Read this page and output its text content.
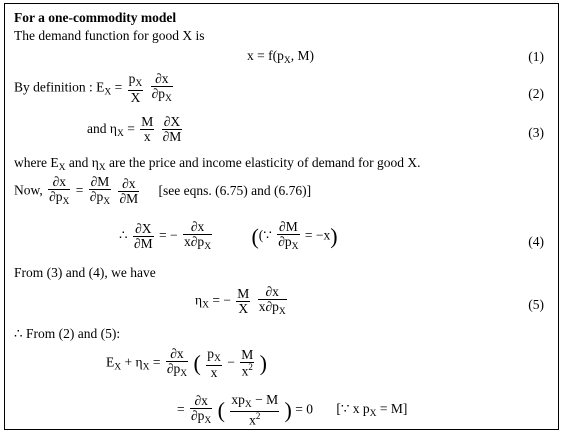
For a one-commodity model
The demand function for good X is
$x = f(p_X$, M)	(1)
By definition : $E_X = \frac{p_X}{X}$
$\frac{\partial x}{\partial p_X}$	(2)
and $\eta_X = \frac{M}{x}$
$\frac{\partial X}{\partial M}$	(3)
where $E_X$ and $\eta_X$ are the price and income elasticity of demand for good X.
Now, $\frac{\partial x}{\partial p_X} = \frac{\partial M}{\partial p_X}$
$\frac{\partial x}{\partial M} [see$ eqns. (6.75) and (6.76)]
∴ $\frac{\partial X}{\partial M}$ = − $\frac{\partial x}{x\partial p_X}$ ((∵ $\frac{\partial M}{\partial p_X} = -x$)	(4)
From (3) and (4), we have
$\eta_X$ = − $\frac{M}{X}$
$\frac{\partial x}{x\partial p_X}$	(5)
∴ From (2) and (5):
$E_X + \eta_X = \frac{\partial x}{\partial p_X}$ ( $\frac{p_X}{x} - \frac{M}{x^2}$ )
= $\frac{\partial x}{\partial p_X}$ ( $\frac{xp_X - M}{x^2}$ ) = 0 [∵ x $p_X = M$]
